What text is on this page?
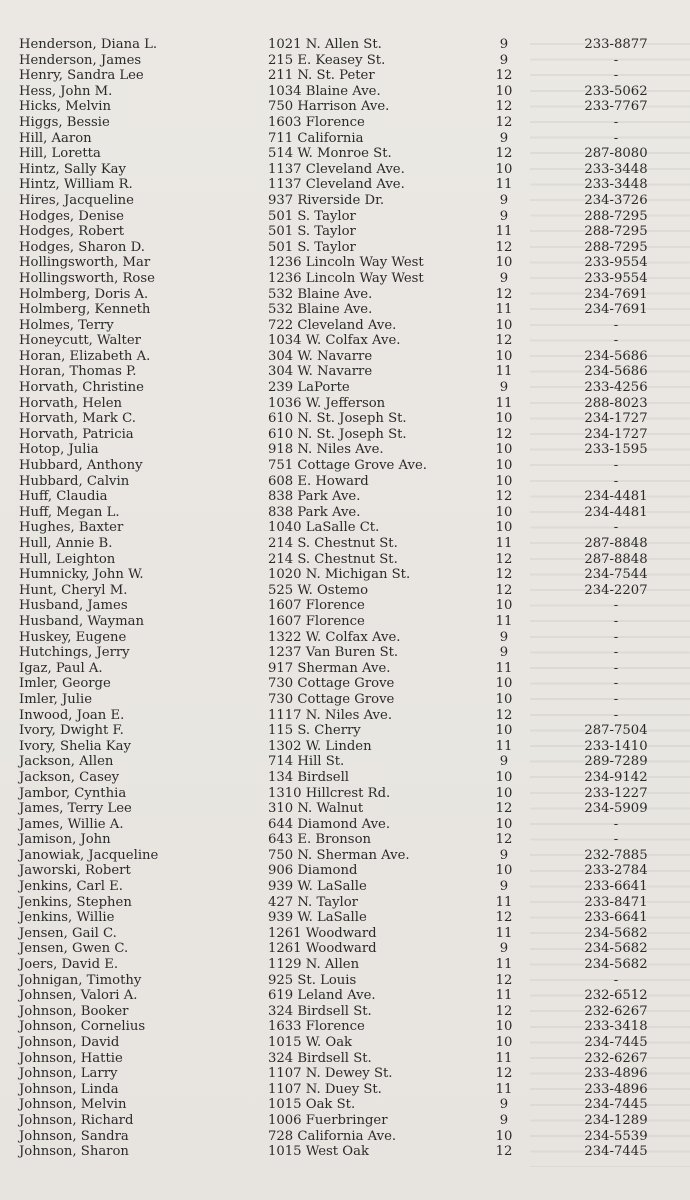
Henderson, Diana L.	1021 N. Allen St.	9	233-8877
Henderson, James	215 E. Keasey St.	9	-
Henry, Sandra Lee	211 N. St. Peter	12	-
Hess, John M.	1034 Blaine Ave.	10	233-5062
Hicks, Melvin	750 Harrison Ave.	12	233-7767
Higgs, Bessie	1603 Florence	12	-
Hill, Aaron	711 California	9	-
Hill, Loretta	514 W. Monroe St.	12	287-8080
Hintz, Sally Kay	1137 Cleveland Ave.	10	233-3448
Hintz, William R.	1137 Cleveland Ave.	11	233-3448
Hires, Jacqueline	937 Riverside Dr.	9	234-3726
Hodges, Denise	501 S. Taylor	9	288-7295
Hodges, Robert	501 S. Taylor	11	288-7295
Hodges, Sharon D.	501 S. Taylor	12	288-7295
Hollingsworth, Mar	1236 Lincoln Way West	10	233-9554
Hollingsworth, Rose	1236 Lincoln Way West	9	233-9554
Holmberg, Doris A.	532 Blaine Ave.	12	234-7691
Holmberg, Kenneth	532 Blaine Ave.	11	234-7691
Holmes, Terry	722 Cleveland Ave.	10	-
Honeycutt, Walter	1034 W. Colfax Ave.	12	-
Horan, Elizabeth A.	304 W. Navarre	10	234-5686
Horan, Thomas P.	304 W. Navarre	11	234-5686
Horvath, Christine	239 LaPorte	9	233-4256
Horvath, Helen	1036 W. Jefferson	11	288-8023
Horvath, Mark C.	610 N. St. Joseph St.	10	234-1727
Horvath, Patricia	610 N. St. Joseph St.	12	234-1727
Hotop, Julia	918 N. Niles Ave.	10	233-1595
Hubbard, Anthony	751 Cottage Grove Ave.	10	-
Hubbard, Calvin	608 E. Howard	10	-
Huff, Claudia	838 Park Ave.	12	234-4481
Huff, Megan L.	838 Park Ave.	10	234-4481
Hughes, Baxter	1040 LaSalle Ct.	10	-
Hull, Annie B.	214 S. Chestnut St.	11	287-8848
Hull, Leighton	214 S. Chestnut St.	12	287-8848
Humnicky, John W.	1020 N. Michigan St.	12	234-7544
Hunt, Cheryl M.	525 W. Ostemo	12	234-2207
Husband, James	1607 Florence	10	-
Husband, Wayman	1607 Florence	11	-
Huskey, Eugene	1322 W. Colfax Ave.	9	-
Hutchings, Jerry	1237 Van Buren St.	9	-
Igaz, Paul A.	917 Sherman Ave.	11	-
Imler, George	730 Cottage Grove	10	-
Imler, Julie	730 Cottage Grove	10	-
Inwood, Joan E.	1117 N. Niles Ave.	12	-
Ivory, Dwight F.	115 S. Cherry	10	287-7504
Ivory, Shelia Kay	1302 W. Linden	11	233-1410
Jackson, Allen	714 Hill St.	9	289-7289
Jackson, Casey	134 Birdsell	10	234-9142
Jambor, Cynthia	1310 Hillcrest Rd.	10	233-1227
James, Terry Lee	310 N. Walnut	12	234-5909
James, Willie A.	644 Diamond Ave.	10	-
Jamison, John	643 E. Bronson	12	-
Janowiak, Jacqueline	750 N. Sherman Ave.	9	232-7885
Jaworski, Robert	906 Diamond	10	233-2784
Jenkins, Carl E.	939 W. LaSalle	9	233-6641
Jenkins, Stephen	427 N. Taylor	11	233-8471
Jenkins, Willie	939 W. LaSalle	12	233-6641
Jensen, Gail C.	1261 Woodward	11	234-5682
Jensen, Gwen C.	1261 Woodward	9	234-5682
Joers, David E.	1129 N. Allen	11	234-5682
Johnigan, Timothy	925 St. Louis	12	-
Johnsen, Valori A.	619 Leland Ave.	11	232-6512
Johnson, Booker	324 Birdsell St.	12	232-6267
Johnson, Cornelius	1633 Florence	10	233-3418
Johnson, David	1015 W. Oak	10	234-7445
Johnson, Hattie	324 Birdsell St.	11	232-6267
Johnson, Larry	1107 N. Dewey St.	12	233-4896
Johnson, Linda	1107 N. Duey St.	11	233-4896
Johnson, Melvin	1015 Oak St.	9	234-7445
Johnson, Richard	1006 Fuerbringer	9	234-1289
Johnson, Sandra	728 California Ave.	10	234-5539
Johnson, Sharon	1015 West Oak	12	234-7445
